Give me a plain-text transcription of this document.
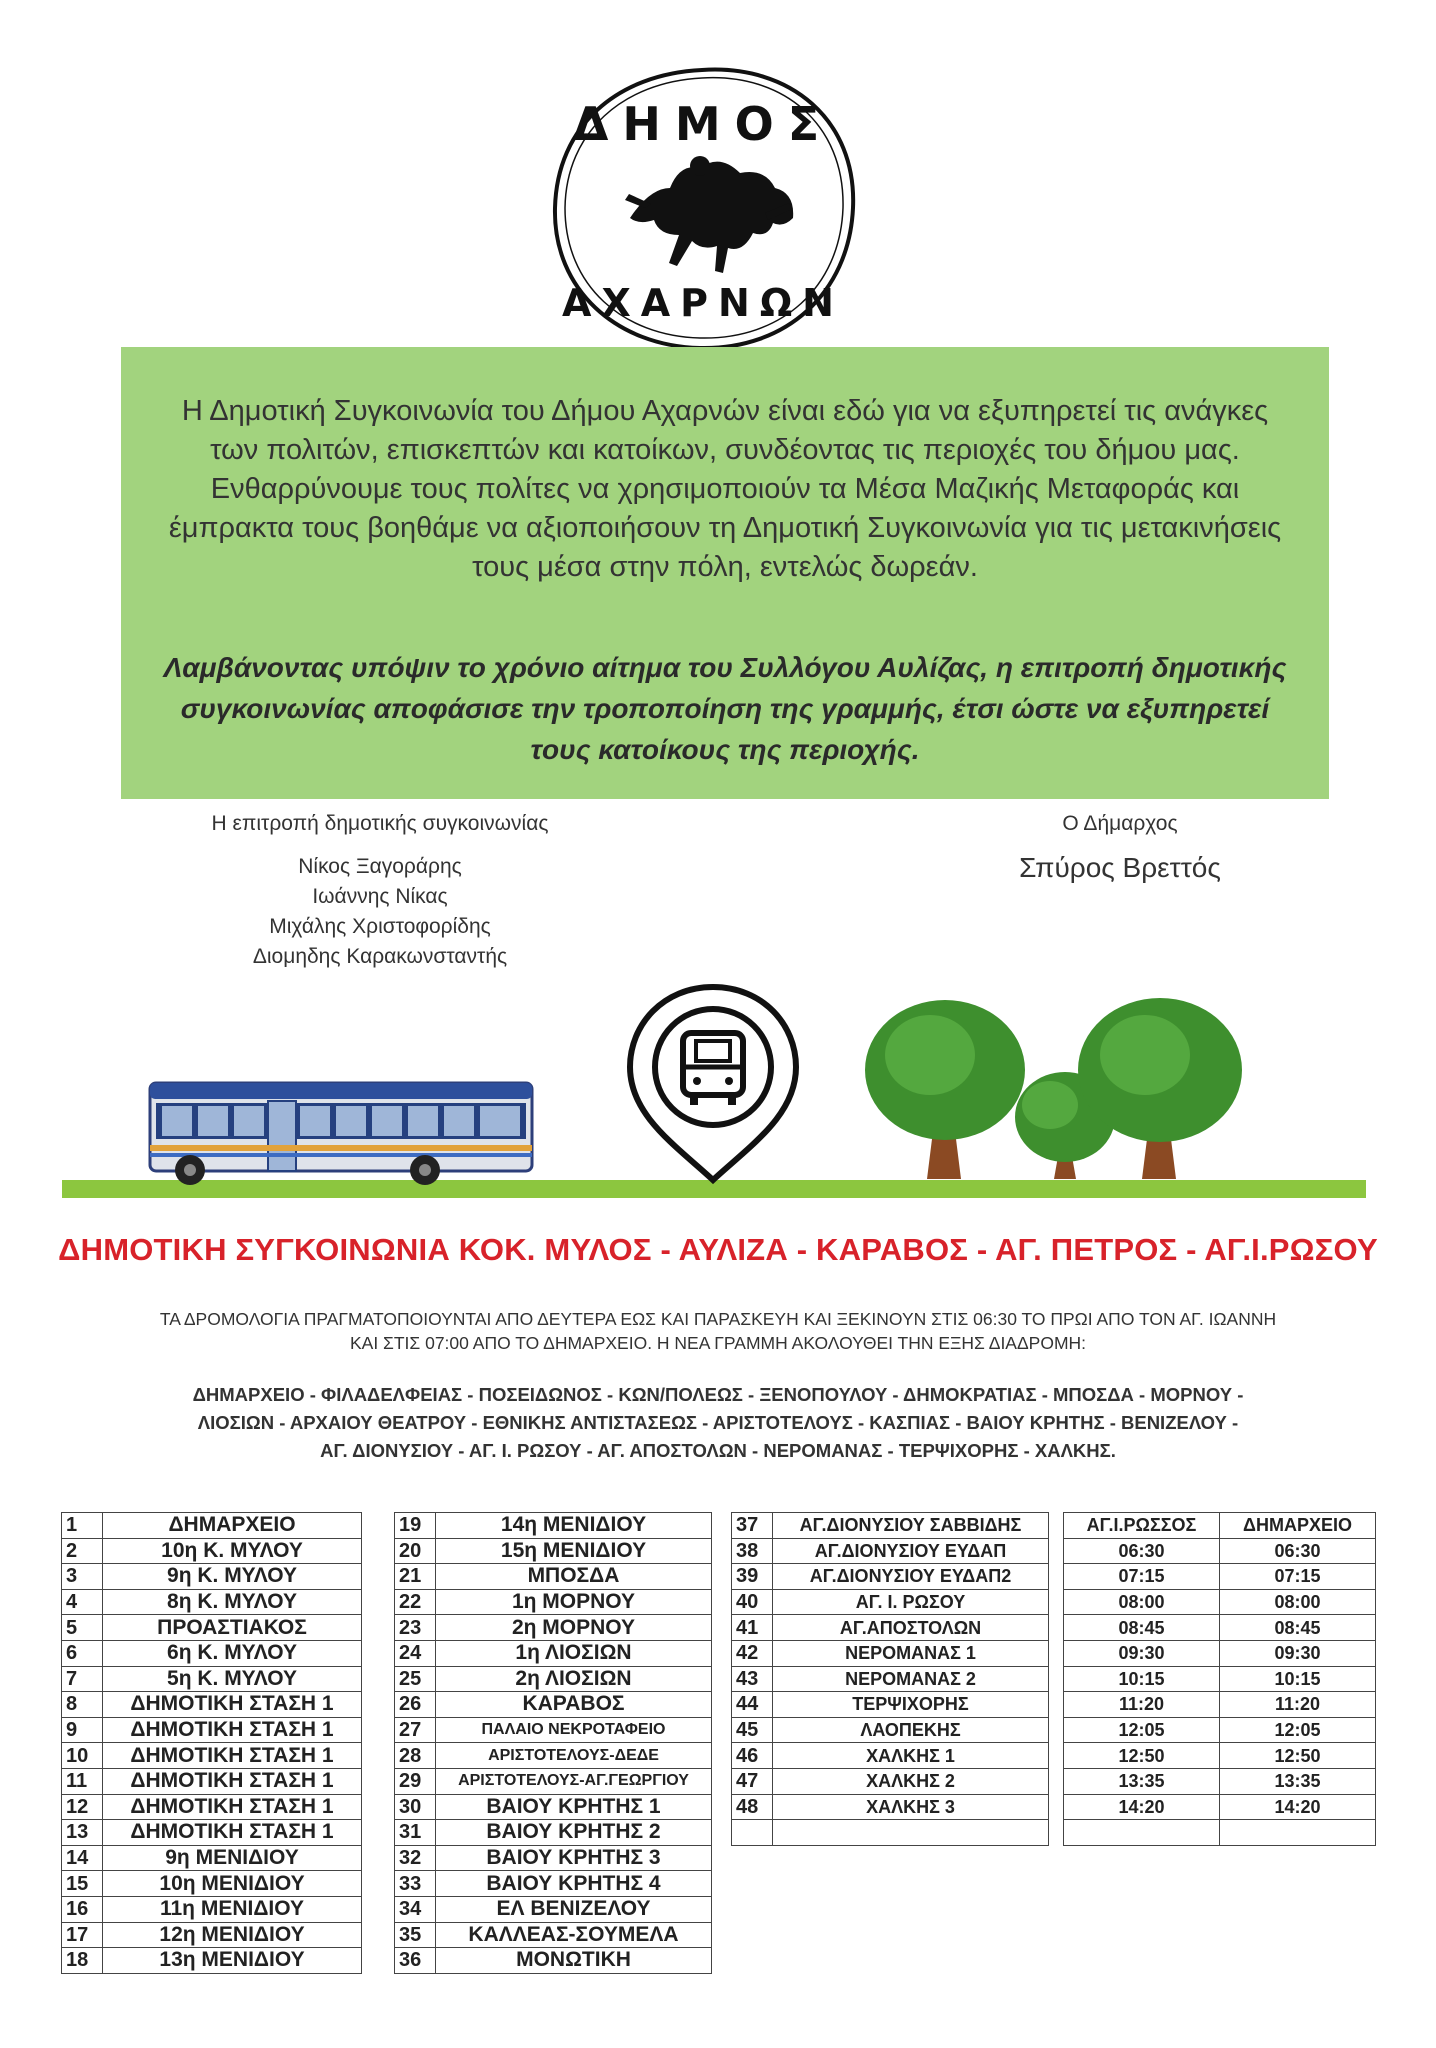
ΔΗΜΟΣ
ΑΧΑΡΝΩΝ
Η Δημοτική Συγκοινωνία του Δήμου Αχαρνών είναι εδώ για να εξυπηρετεί τις ανάγκες των πολιτών, επισκεπτών και κατοίκων, συνδέοντας τις περιοχές του δήμου μας. Ενθαρρύνουμε τους πολίτες να χρησιμοποιούν τα Μέσα Μαζικής Μεταφοράς και έμπρακτα τους βοηθάμε να αξιοποιήσουν τη Δημοτική Συγκοινωνία για τις μετακινήσεις τους μέσα στην πόλη, εντελώς δωρεάν.
Λαμβάνοντας υπόψιν το χρόνιο αίτημα του Συλλόγου Αυλίζας, η επιτροπή δημοτικής συγκοινωνίας αποφάσισε την τροποποίηση της γραμμής, έτσι ώστε να εξυπηρετεί τους κατοίκους της περιοχής.
Η επιτροπή δημοτικής συγκοινωνίας
Νίκος Ξαγοράρης
Ιωάννης Νίκας
Μιχάλης Χριστοφορίδης
Διομηδης Καρακωνσταντής
Ο Δήμαρχος
Σπύρος Βρεττός
ΔΗΜΟΤΙΚΗ ΣΥΓΚΟΙΝΩΝΙΑ ΚΟΚ. ΜΥΛΟΣ - ΑΥΛΙΖΑ - ΚΑΡΑΒΟΣ - ΑΓ. ΠΕΤΡΟΣ - ΑΓ.Ι.ΡΩΣΟΥ
ΤΑ ΔΡΟΜΟΛΟΓΙΑ ΠΡΑΓΜΑΤΟΠΟΙΟΥΝΤΑΙ ΑΠΟ ΔΕΥΤΕΡΑ ΕΩΣ ΚΑΙ ΠΑΡΑΣΚΕΥΗ ΚΑΙ ΞΕΚΙΝΟΥΝ ΣΤΙΣ 06:30 ΤΟ ΠΡΩΙ ΑΠΟ ΤΟΝ ΑΓ. ΙΩΑΝΝΗ
ΚΑΙ ΣΤΙΣ 07:00 ΑΠΟ ΤΟ ΔΗΜΑΡΧΕΙΟ. Η ΝΕΑ ΓΡΑΜΜΗ ΑΚΟΛΟΥΘΕΙ ΤΗΝ ΕΞΗΣ ΔΙΑΔΡΟΜΗ:
ΔΗΜΑΡΧΕΙΟ - ΦΙΛΑΔΕΛΦΕΙΑΣ - ΠΟΣΕΙΔΩΝΟΣ - ΚΩΝ/ΠΟΛΕΩΣ - ΞΕΝΟΠΟΥΛΟΥ - ΔΗΜΟΚΡΑΤΙΑΣ - ΜΠΟΣΔΑ - ΜΟΡΝΟΥ -
ΛΙΟΣΙΩΝ - ΑΡΧΑΙΟΥ ΘΕΑΤΡΟΥ - ΕΘΝΙΚΗΣ ΑΝΤΙΣΤΑΣΕΩΣ - ΑΡΙΣΤΟΤΕΛΟΥΣ - ΚΑΣΠΙΑΣ - ΒΑΙΟΥ ΚΡΗΤΗΣ - ΒΕΝΙΖΕΛΟΥ -
ΑΓ. ΔΙΟΝΥΣΙΟΥ - ΑΓ. Ι. ΡΩΣΟΥ - ΑΓ. ΑΠΟΣΤΟΛΩΝ - ΝΕΡΟΜΑΝΑΣ - ΤΕΡΨΙΧΟΡΗΣ - ΧΑΛΚΗΣ.
1	ΔΗΜΑΡΧΕΙΟ
2	10η Κ. ΜΥΛΟΥ
3	9η Κ. ΜΥΛΟΥ
4	8η Κ. ΜΥΛΟΥ
5	ΠΡΟΑΣΤΙΑΚΟΣ
6	6η Κ. ΜΥΛΟΥ
7	5η Κ. ΜΥΛΟΥ
8	ΔΗΜΟΤΙΚΗ ΣΤΑΣΗ 1
9	ΔΗΜΟΤΙΚΗ ΣΤΑΣΗ 1
10	ΔΗΜΟΤΙΚΗ ΣΤΑΣΗ 1
11	ΔΗΜΟΤΙΚΗ ΣΤΑΣΗ 1
12	ΔΗΜΟΤΙΚΗ ΣΤΑΣΗ 1
13	ΔΗΜΟΤΙΚΗ ΣΤΑΣΗ 1
14	9η ΜΕΝΙΔΙΟΥ
15	10η ΜΕΝΙΔΙΟΥ
16	11η ΜΕΝΙΔΙΟΥ
17	12η ΜΕΝΙΔΙΟΥ
18	13η ΜΕΝΙΔΙΟΥ
19	14η ΜΕΝΙΔΙΟΥ
20	15η ΜΕΝΙΔΙΟΥ
21	ΜΠΟΣΔΑ
22	1η ΜΟΡΝΟΥ
23	2η ΜΟΡΝΟΥ
24	1η ΛΙΟΣΙΩΝ
25	2η ΛΙΟΣΙΩΝ
26	ΚΑΡΑΒΟΣ
27	ΠΑΛΑΙΟ ΝΕΚΡΟΤΑΦΕΙΟ
28	ΑΡΙΣΤΟΤΕΛΟΥΣ-ΔΕΔΕ
29	ΑΡΙΣΤΟΤΕΛΟΥΣ-ΑΓ.ΓΕΩΡΓΙΟΥ
30	ΒΑΙΟΥ ΚΡΗΤΗΣ 1
31	ΒΑΙΟΥ ΚΡΗΤΗΣ 2
32	ΒΑΙΟΥ ΚΡΗΤΗΣ 3
33	ΒΑΙΟΥ ΚΡΗΤΗΣ 4
34	ΕΛ ΒΕΝΙΖΕΛΟΥ
35	ΚΑΛΛΕΑΣ-ΣΟΥΜΕΛΑ
36	ΜΟΝΩΤΙΚΗ
37	ΑΓ.ΔΙΟΝΥΣΙΟΥ ΣΑΒΒΙΔΗΣ
38	ΑΓ.ΔΙΟΝΥΣΙΟΥ ΕΥΔΑΠ
39	ΑΓ.ΔΙΟΝΥΣΙΟΥ ΕΥΔΑΠ2
40	ΑΓ. Ι. ΡΩΣΟΥ
41	ΑΓ.ΑΠΟΣΤΟΛΩΝ
42	ΝΕΡΟΜΑΝΑΣ 1
43	ΝΕΡΟΜΑΝΑΣ 2
44	ΤΕΡΨΙΧΟΡΗΣ
45	ΛΑΟΠΕΚΗΣ
46	ΧΑΛΚΗΣ 1
47	ΧΑΛΚΗΣ 2
48	ΧΑΛΚΗΣ 3

ΑΓ.Ι.ΡΩΣΣΟΣ	ΔΗΜΑΡΧΕΙΟ
06:30	06:30
07:15	07:15
08:00	08:00
08:45	08:45
09:30	09:30
10:15	10:15
11:20	11:20
12:05	12:05
12:50	12:50
13:35	13:35
14:20	14:20
